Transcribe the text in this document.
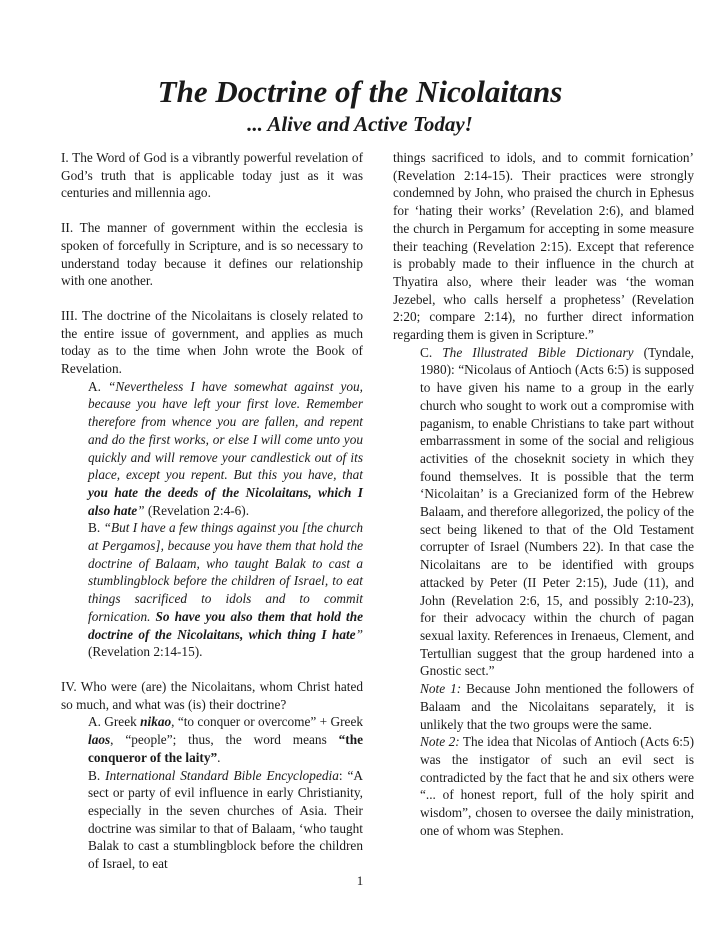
The Doctrine of the Nicolaitans
... Alive and Active Today!

I. The Word of God is a vibrantly powerful revelation of God’s truth that is applicable today just as it was centuries and millennia ago.

II. The manner of government within the ecclesia is spoken of forcefully in Scripture, and is so necessary to understand today because it defines our relationship with one another.

III. The doctrine of the Nicolaitans is closely related to the entire issue of government, and applies as much today as to the time when John wrote the Book of Revelation.

A. “Nevertheless I have somewhat against you, because you have left your first love. Remember therefore from whence you are fallen, and repent and do the first works, or else I will come unto you quickly and will remove your candlestick out of its place, except you repent. But this you have, that you hate the deeds of the Nicolaitans, which I also hate” (Revelation 2:4-6).

B. “But I have a few things against you [the church at Pergamos], because you have them that hold the doctrine of Balaam, who taught Balak to cast a stumblingblock before the children of Israel, to eat things sacrificed to idols and to commit fornication. So have you also them that hold the doctrine of the Nicolaitans, which thing I hate” (Revelation 2:14-15).

IV. Who were (are) the Nicolaitans, whom Christ hated so much, and what was (is) their doctrine?

A. Greek nikao, “to conquer or overcome” + Greek laos, “people”; thus, the word means “the conqueror of the laity”.

B. International Standard Bible Encyclopedia: “A sect or party of evil influence in early Christianity, especially in the seven churches of Asia. Their doctrine was similar to that of Balaam, ‘who taught Balak to cast a stumblingblock before the children of Israel, to eat

things sacrificed to idols, and to commit fornication’ (Revelation 2:14-15). Their practices were strongly condemned by John, who praised the church in Ephesus for ‘hating their works’ (Revelation 2:6), and blamed the church in Pergamum for accepting in some measure their teaching (Revelation 2:15). Except that reference is probably made to their influence in the church at Thyatira also, where their leader was ‘the woman Jezebel, who calls herself a prophetess’ (Revelation 2:20; compare 2:14), no further direct information regarding them is given in Scripture.”

C. The Illustrated Bible Dictionary (Tyndale, 1980): “Nicolaus of Antioch (Acts 6:5) is supposed to have given his name to a group in the early church who sought to work out a compromise with paganism, to enable Christians to take part without embarrassment in some of the social and religious activities of the choseknit society in which they found themselves. It is possible that the term ‘Nicolaitan’ is a Grecianized form of the Hebrew Balaam, and therefore allegorized, the policy of the sect being likened to that of the Old Testament corrupter of Israel (Numbers 22). In that case the Nicolaitans are to be identified with groups attacked by Peter (II Peter 2:15), Jude (11), and John (Revelation 2:6, 15, and possibly 2:10-23), for their advocacy within the church of pagan sexual laxity. References in Irenaeus, Clement, and Tertullian suggest that the group hardened into a Gnostic sect.”

Note 1: Because John mentioned the followers of Balaam and the Nicolaitans separately, it is unlikely that the two groups were the same.

Note 2: The idea that Nicolas of Antioch (Acts 6:5) was the instigator of such an evil sect is contradicted by the fact that he and six others were “... of honest report, full of the holy spirit and wisdom”, chosen to oversee the daily ministration, one of whom was Stephen.

1
